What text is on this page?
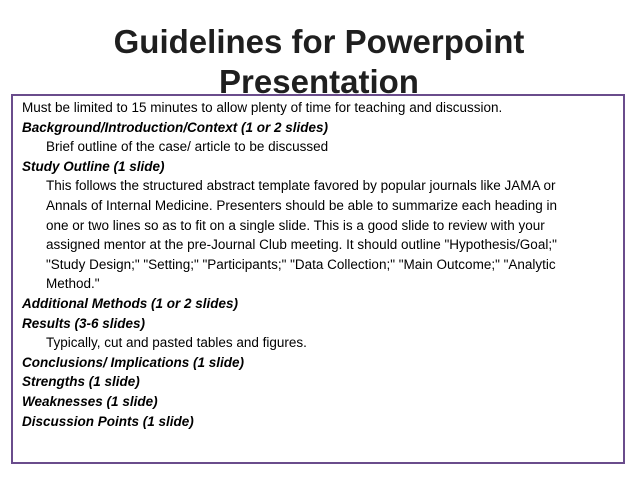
Guidelines for Powerpoint
Presentation
Must be limited to 15 minutes to allow plenty of time for teaching and discussion.
Background/Introduction/Context (1 or 2 slides)
Brief outline of the case/ article to be discussed
Study Outline (1 slide)
This follows the structured abstract template favored by popular journals like JAMA or
Annals of Internal Medicine. Presenters should be able to summarize each heading in
one or two lines so as to fit on a single slide. This is a good slide to review with your
assigned mentor at the pre-Journal Club meeting. It should outline "Hypothesis/Goal;"
"Study Design;" "Setting;" "Participants;" "Data Collection;" "Main Outcome;" "Analytic
Method."
Additional Methods (1 or 2 slides)
Results (3-6 slides)
Typically, cut and pasted tables and figures.
Conclusions/ Implications (1 slide)
Strengths (1 slide)
Weaknesses (1 slide)
Discussion Points (1 slide)
